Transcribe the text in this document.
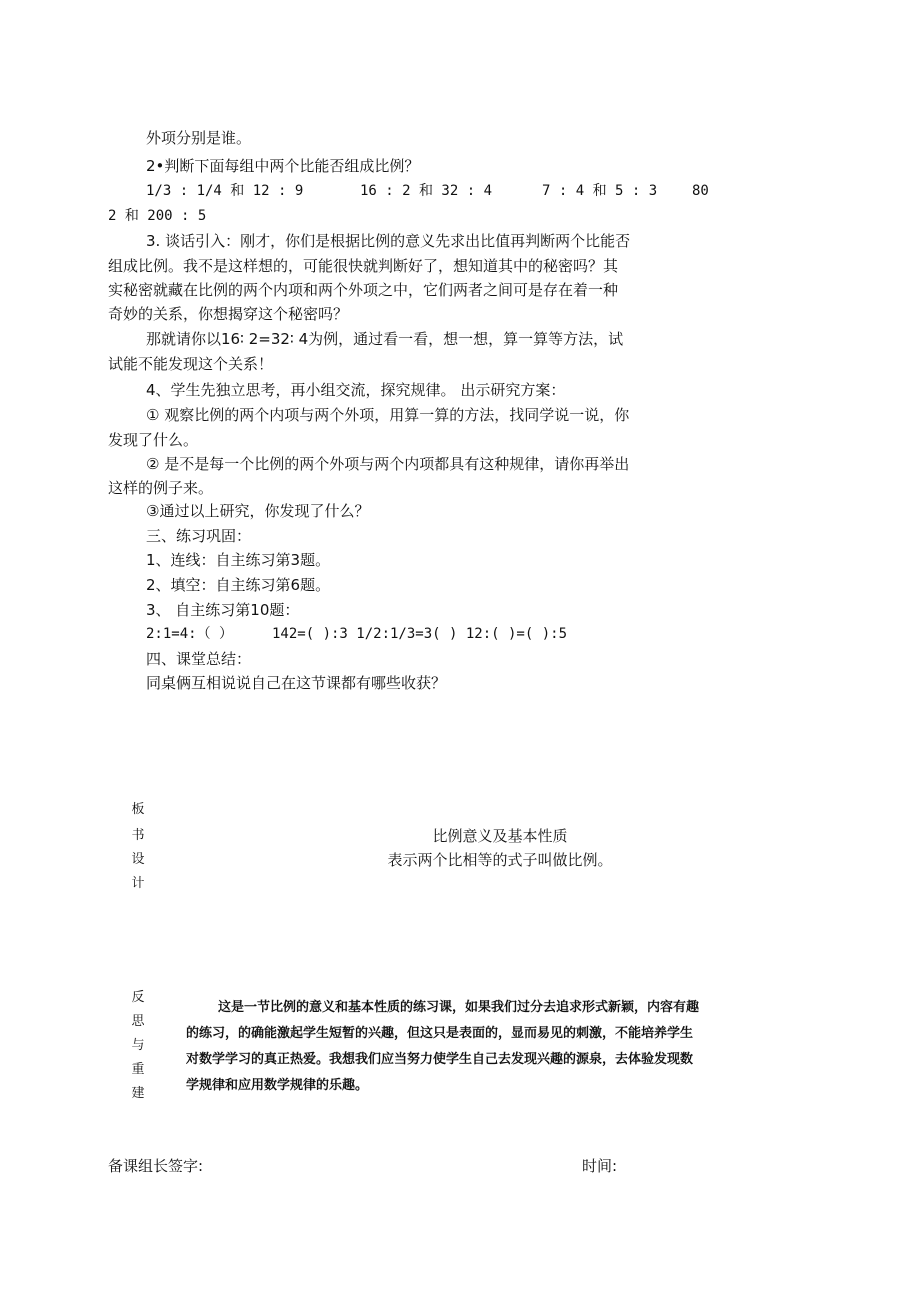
外项分别是谁。
2•判断下面每组中两个比能否组成比例？
1/3 : 1/4 和 12 : 9	16 : 2 和 32 : 4	7 : 4 和 5 : 3 80
2 和 200 : 5
3. 谈话引入：刚才，你们是根据比例的意义先求出比值再判断两个比能否
组成比例。我不是这样想的，可能很快就判断好了，想知道其中的秘密吗？其
实秘密就藏在比例的两个内项和两个外项之中，它们两者之间可是存在着一种
奇妙的关系，你想揭穿这个秘密吗？
那就请你以16∶ 2=32∶ 4为例，通过看一看，想一想，算一算等方法，试
试能不能发现这个关系！
4、学生先独立思考，再小组交流，探究规律。 出示研究方案：
① 观察比例的两个内项与两个外项，用算一算的方法，找同学说一说，你
发现了什么。
② 是不是每一个比例的两个外项与两个内项都具有这种规律，请你再举出
这样的例子来。
③通过以上研究，你发现了什么？
三、练习巩固：
1、连线：自主练习第3题。
2、填空：自主练习第6题。
3、 自主练习第10题：
2:1=4:（ ）	142=( ):3 1/2:1/3=3( ) 12:( )=( ):5
四、课堂总结：
同桌俩互相说说自己在这节课都有哪些收获？
板
书
设
计
比例意义及基本性质
表示两个比相等的式子叫做比例。
反
思
与
重
建
这是一节比例的意义和基本性质的练习课，如果我们过分去追求形式新颖，内容有趣
的练习，的确能激起学生短暂的兴趣，但这只是表面的，显而易见的刺激，不能培养学生
对数学学习的真正热爱。我想我们应当努力使学生自己去发现兴趣的源泉，去体验发现数
学规律和应用数学规律的乐趣。
备课组长签字:	时间:
